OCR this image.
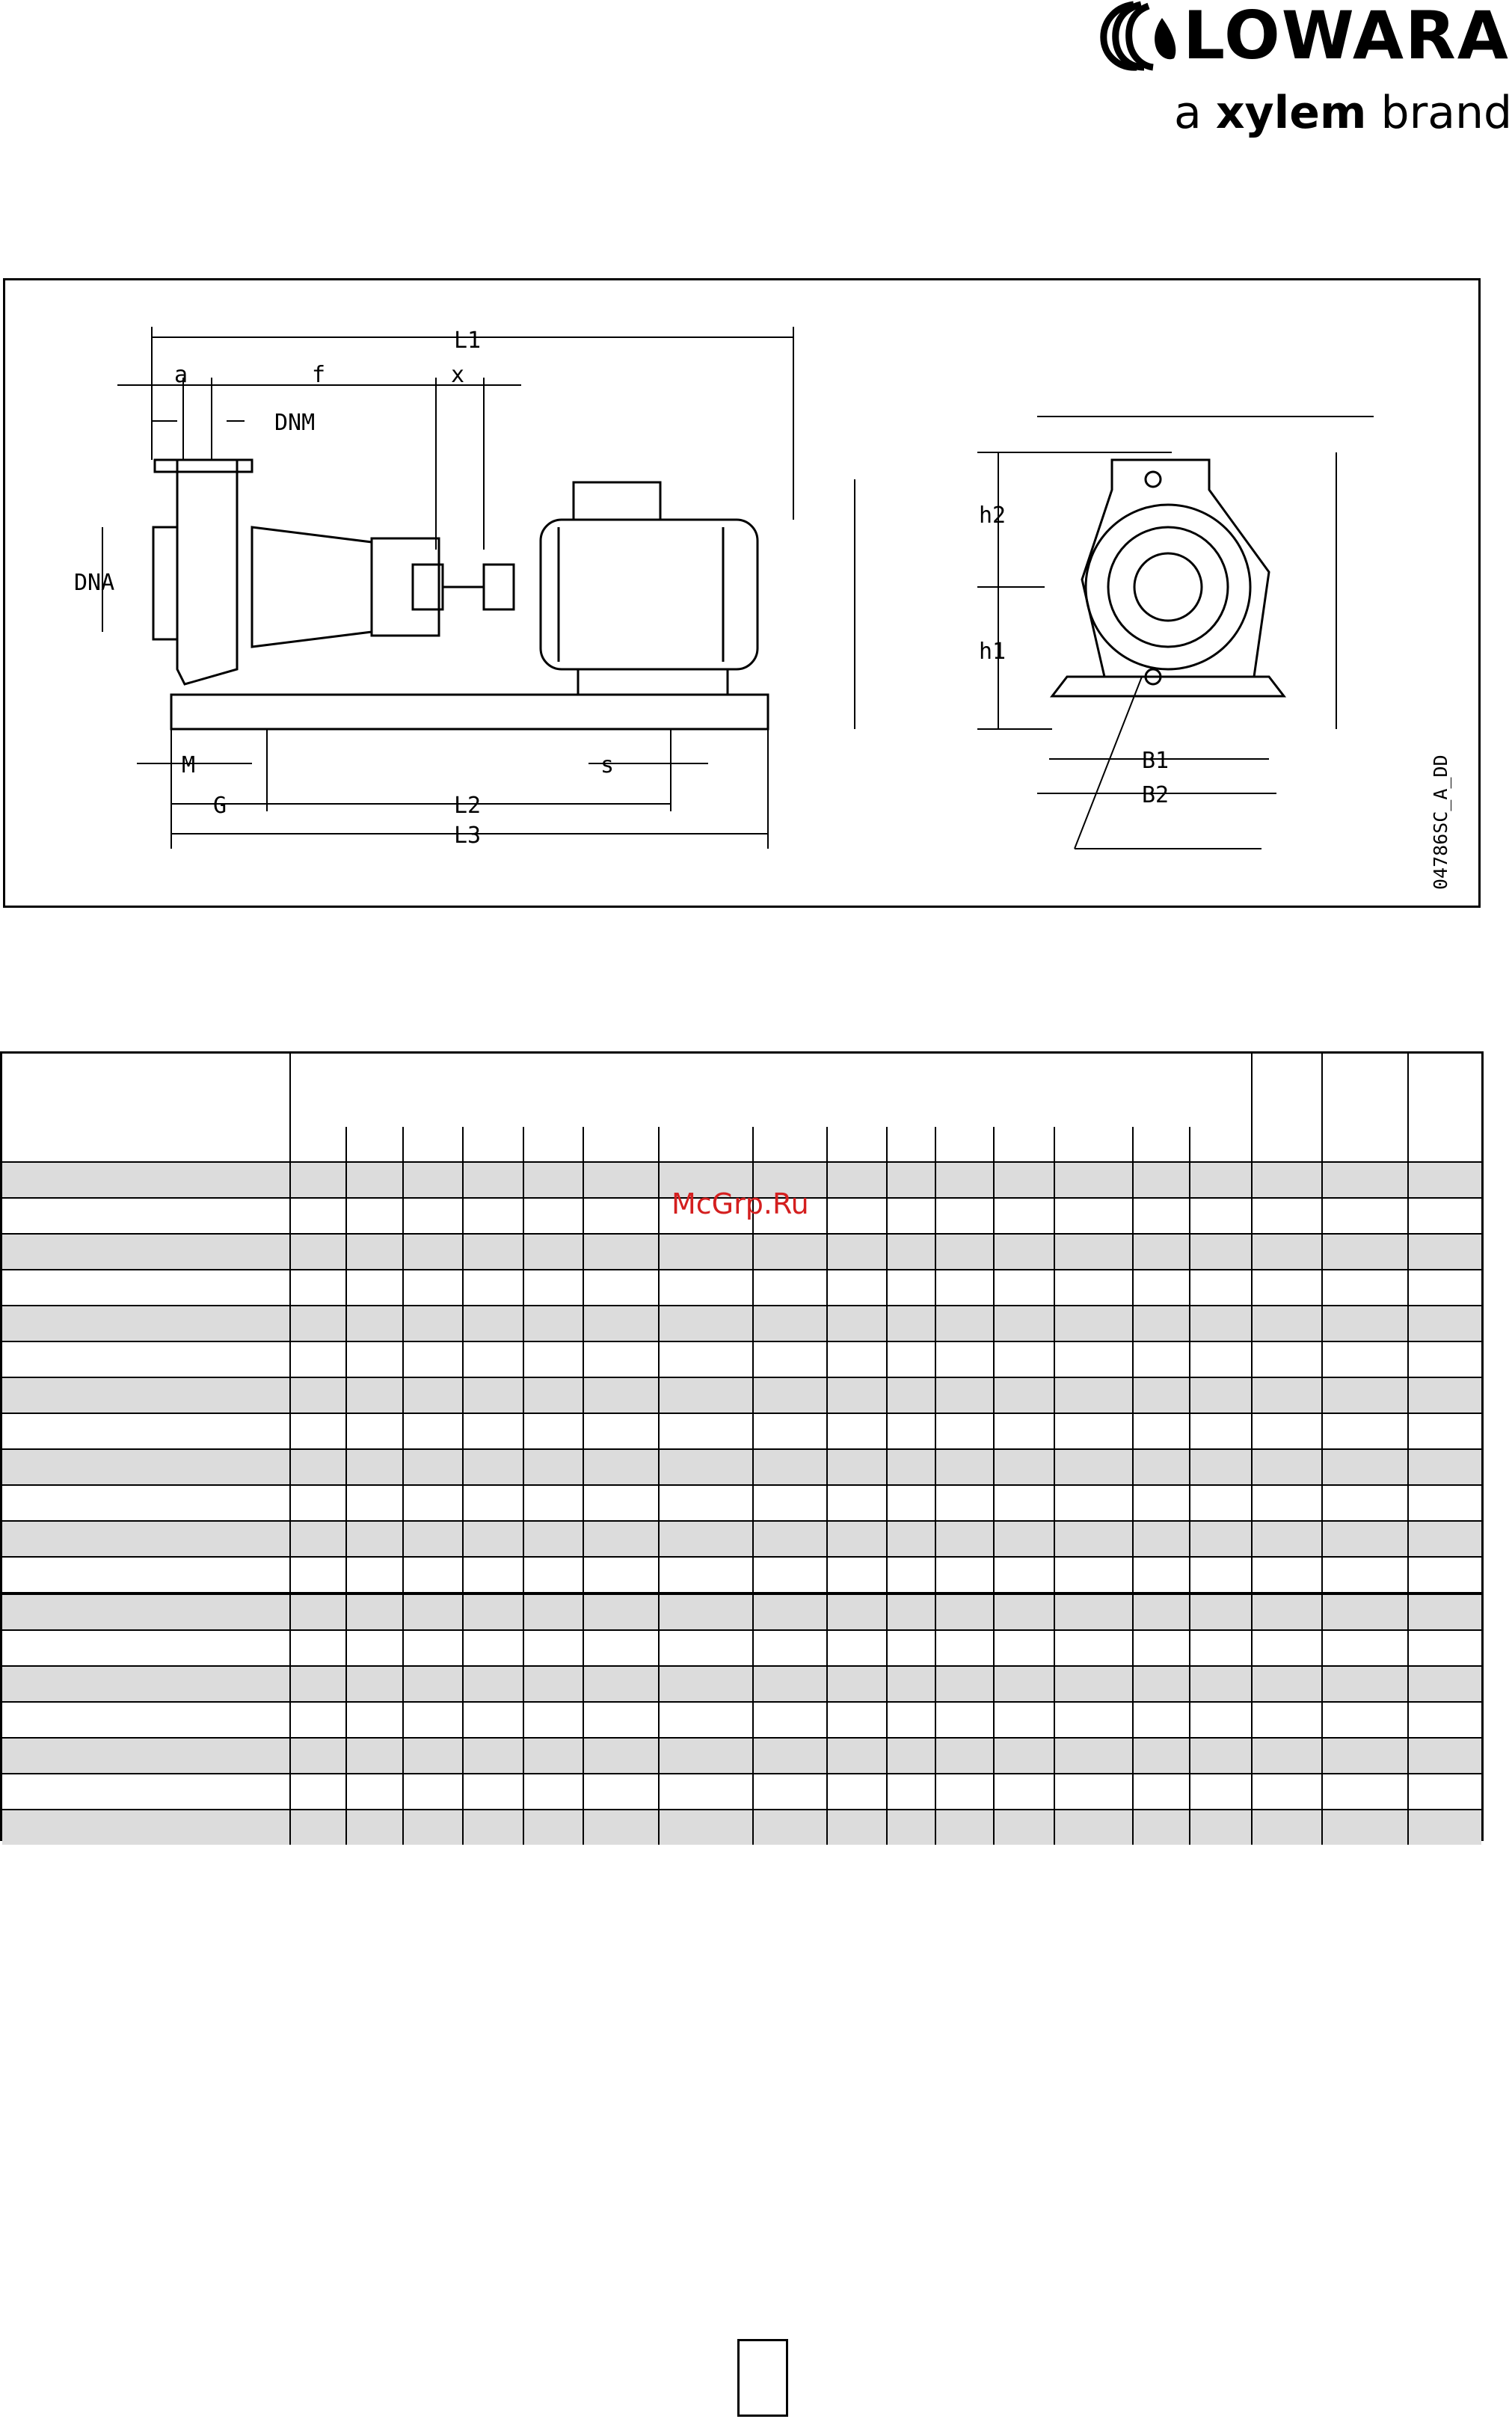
LOWARA
a xylem brand
L1
a	f	x
DNM
DNA
M	s
G	L2
L3
h2
h1
B1
B2	04786SC_A_DD

McGrp.Ru
